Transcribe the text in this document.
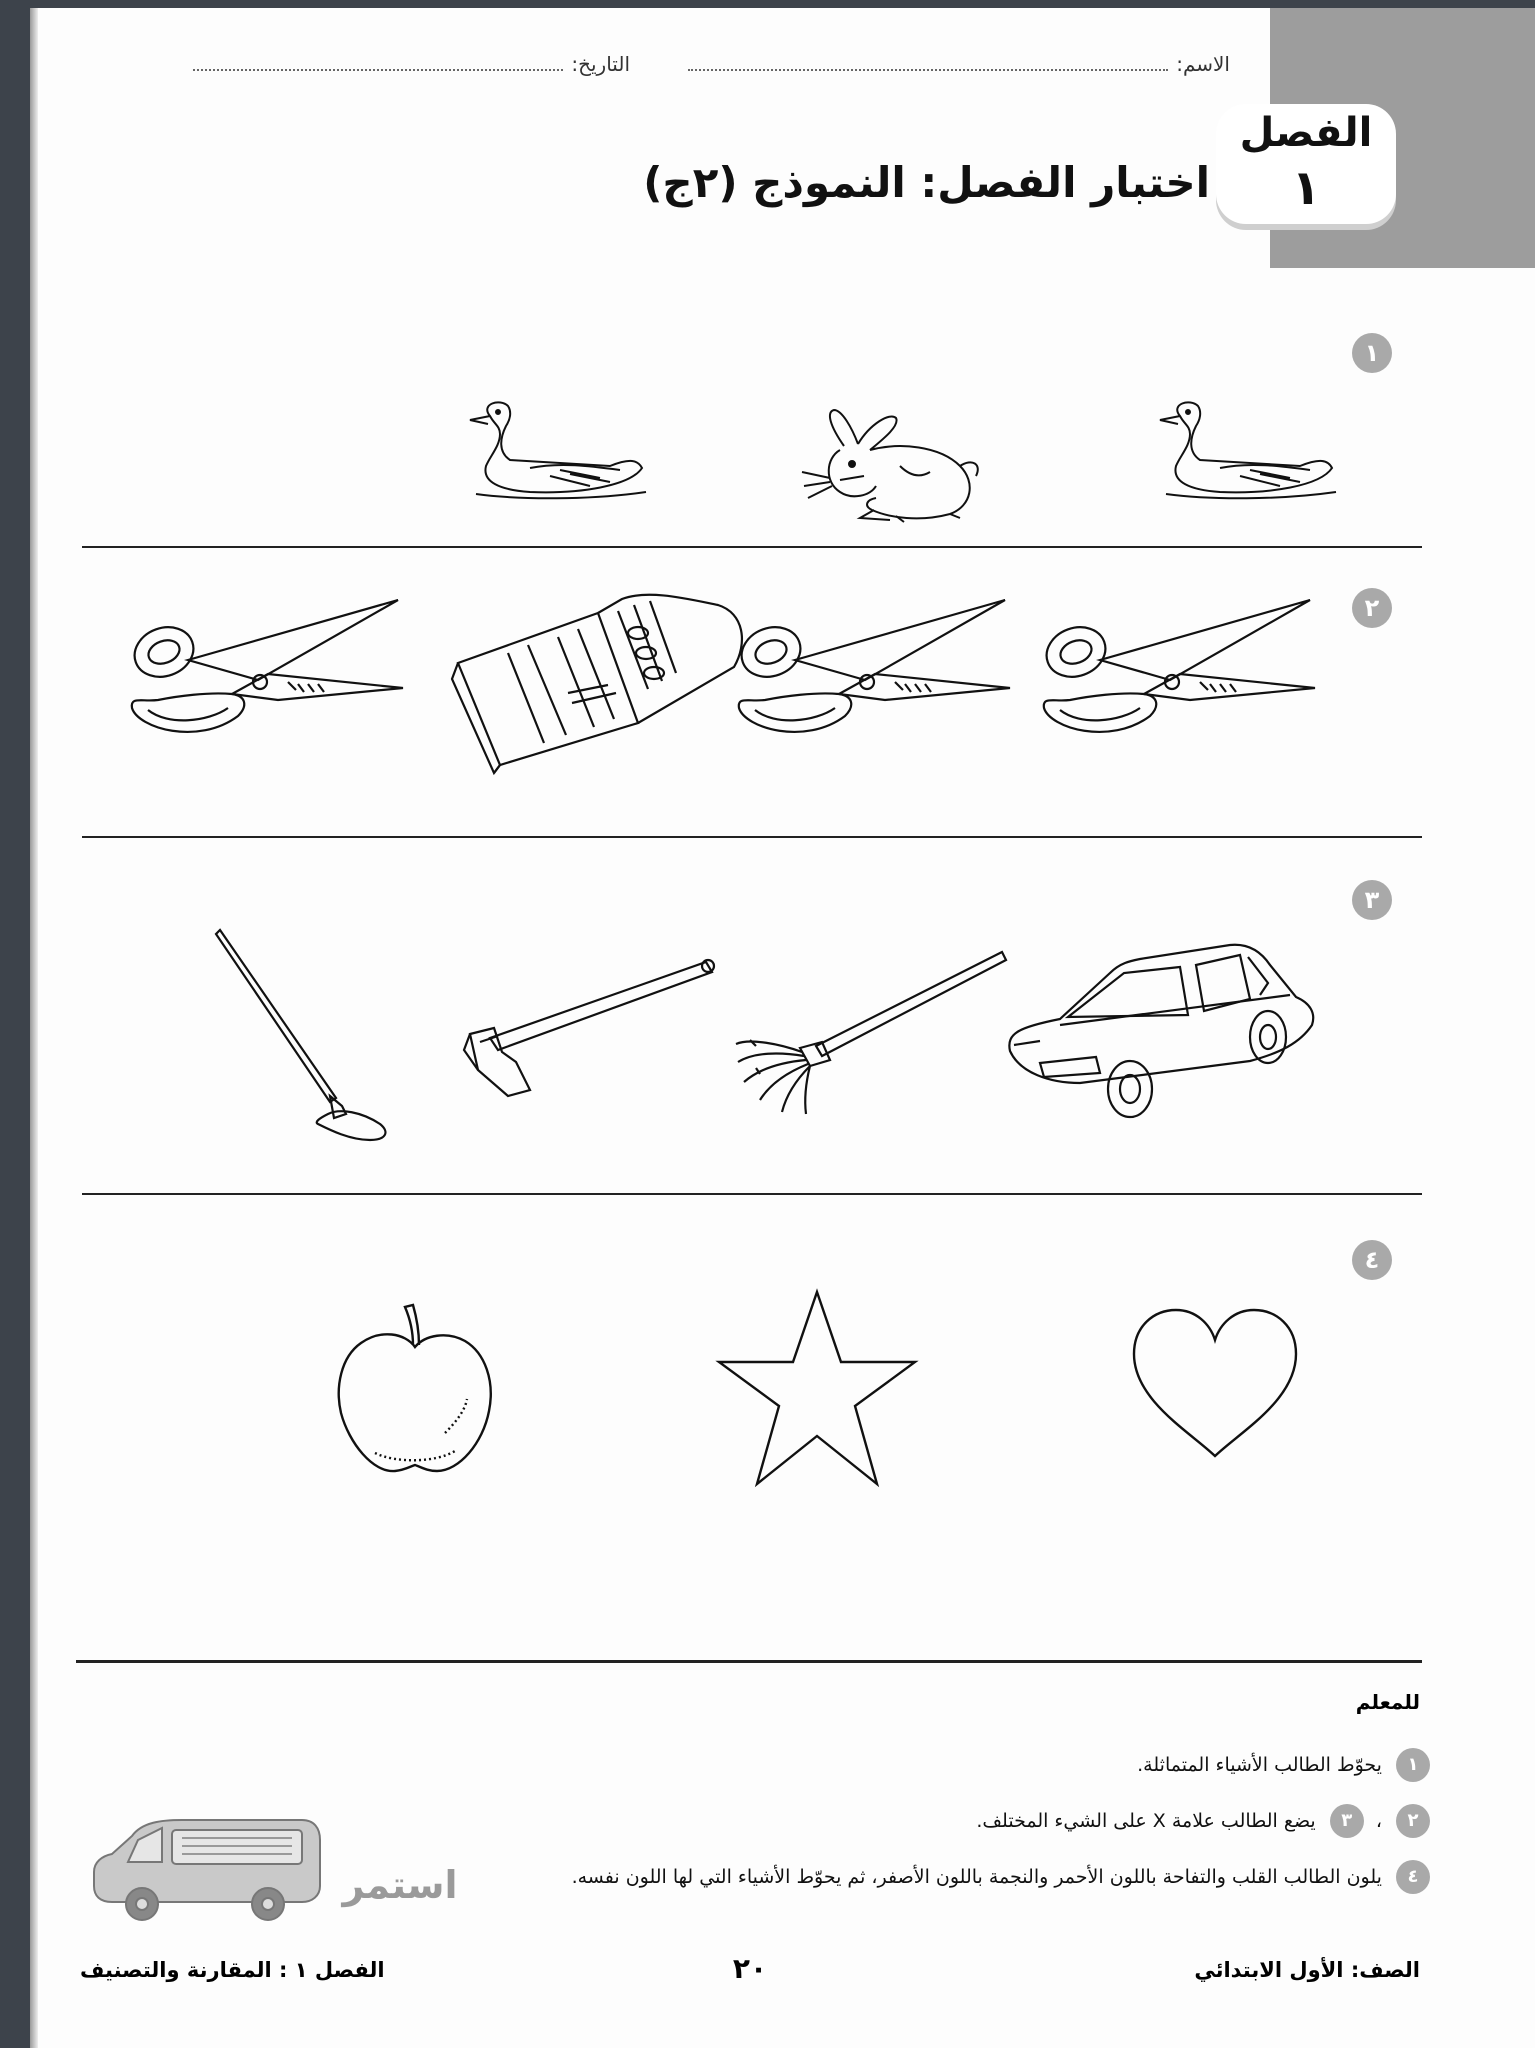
الاسم:
التاريخ:
الفصل
١
اختبار الفصل: النموذج (٢ج)
١
٢
٣
٤
للمعلم
١ يحوّط الطالب الأشياء المتماثلة.
٢ ، ٣ يضع الطالب علامة X على الشيء المختلف.
٤ يلون الطالب القلب والتفاحة باللون الأحمر والنجمة باللون الأصفر، ثم يحوّط الأشياء التي لها اللون نفسه.
استمر
الصف: الأول الابتدائي
٢٠
الفصل ١ : المقارنة والتصنيف
